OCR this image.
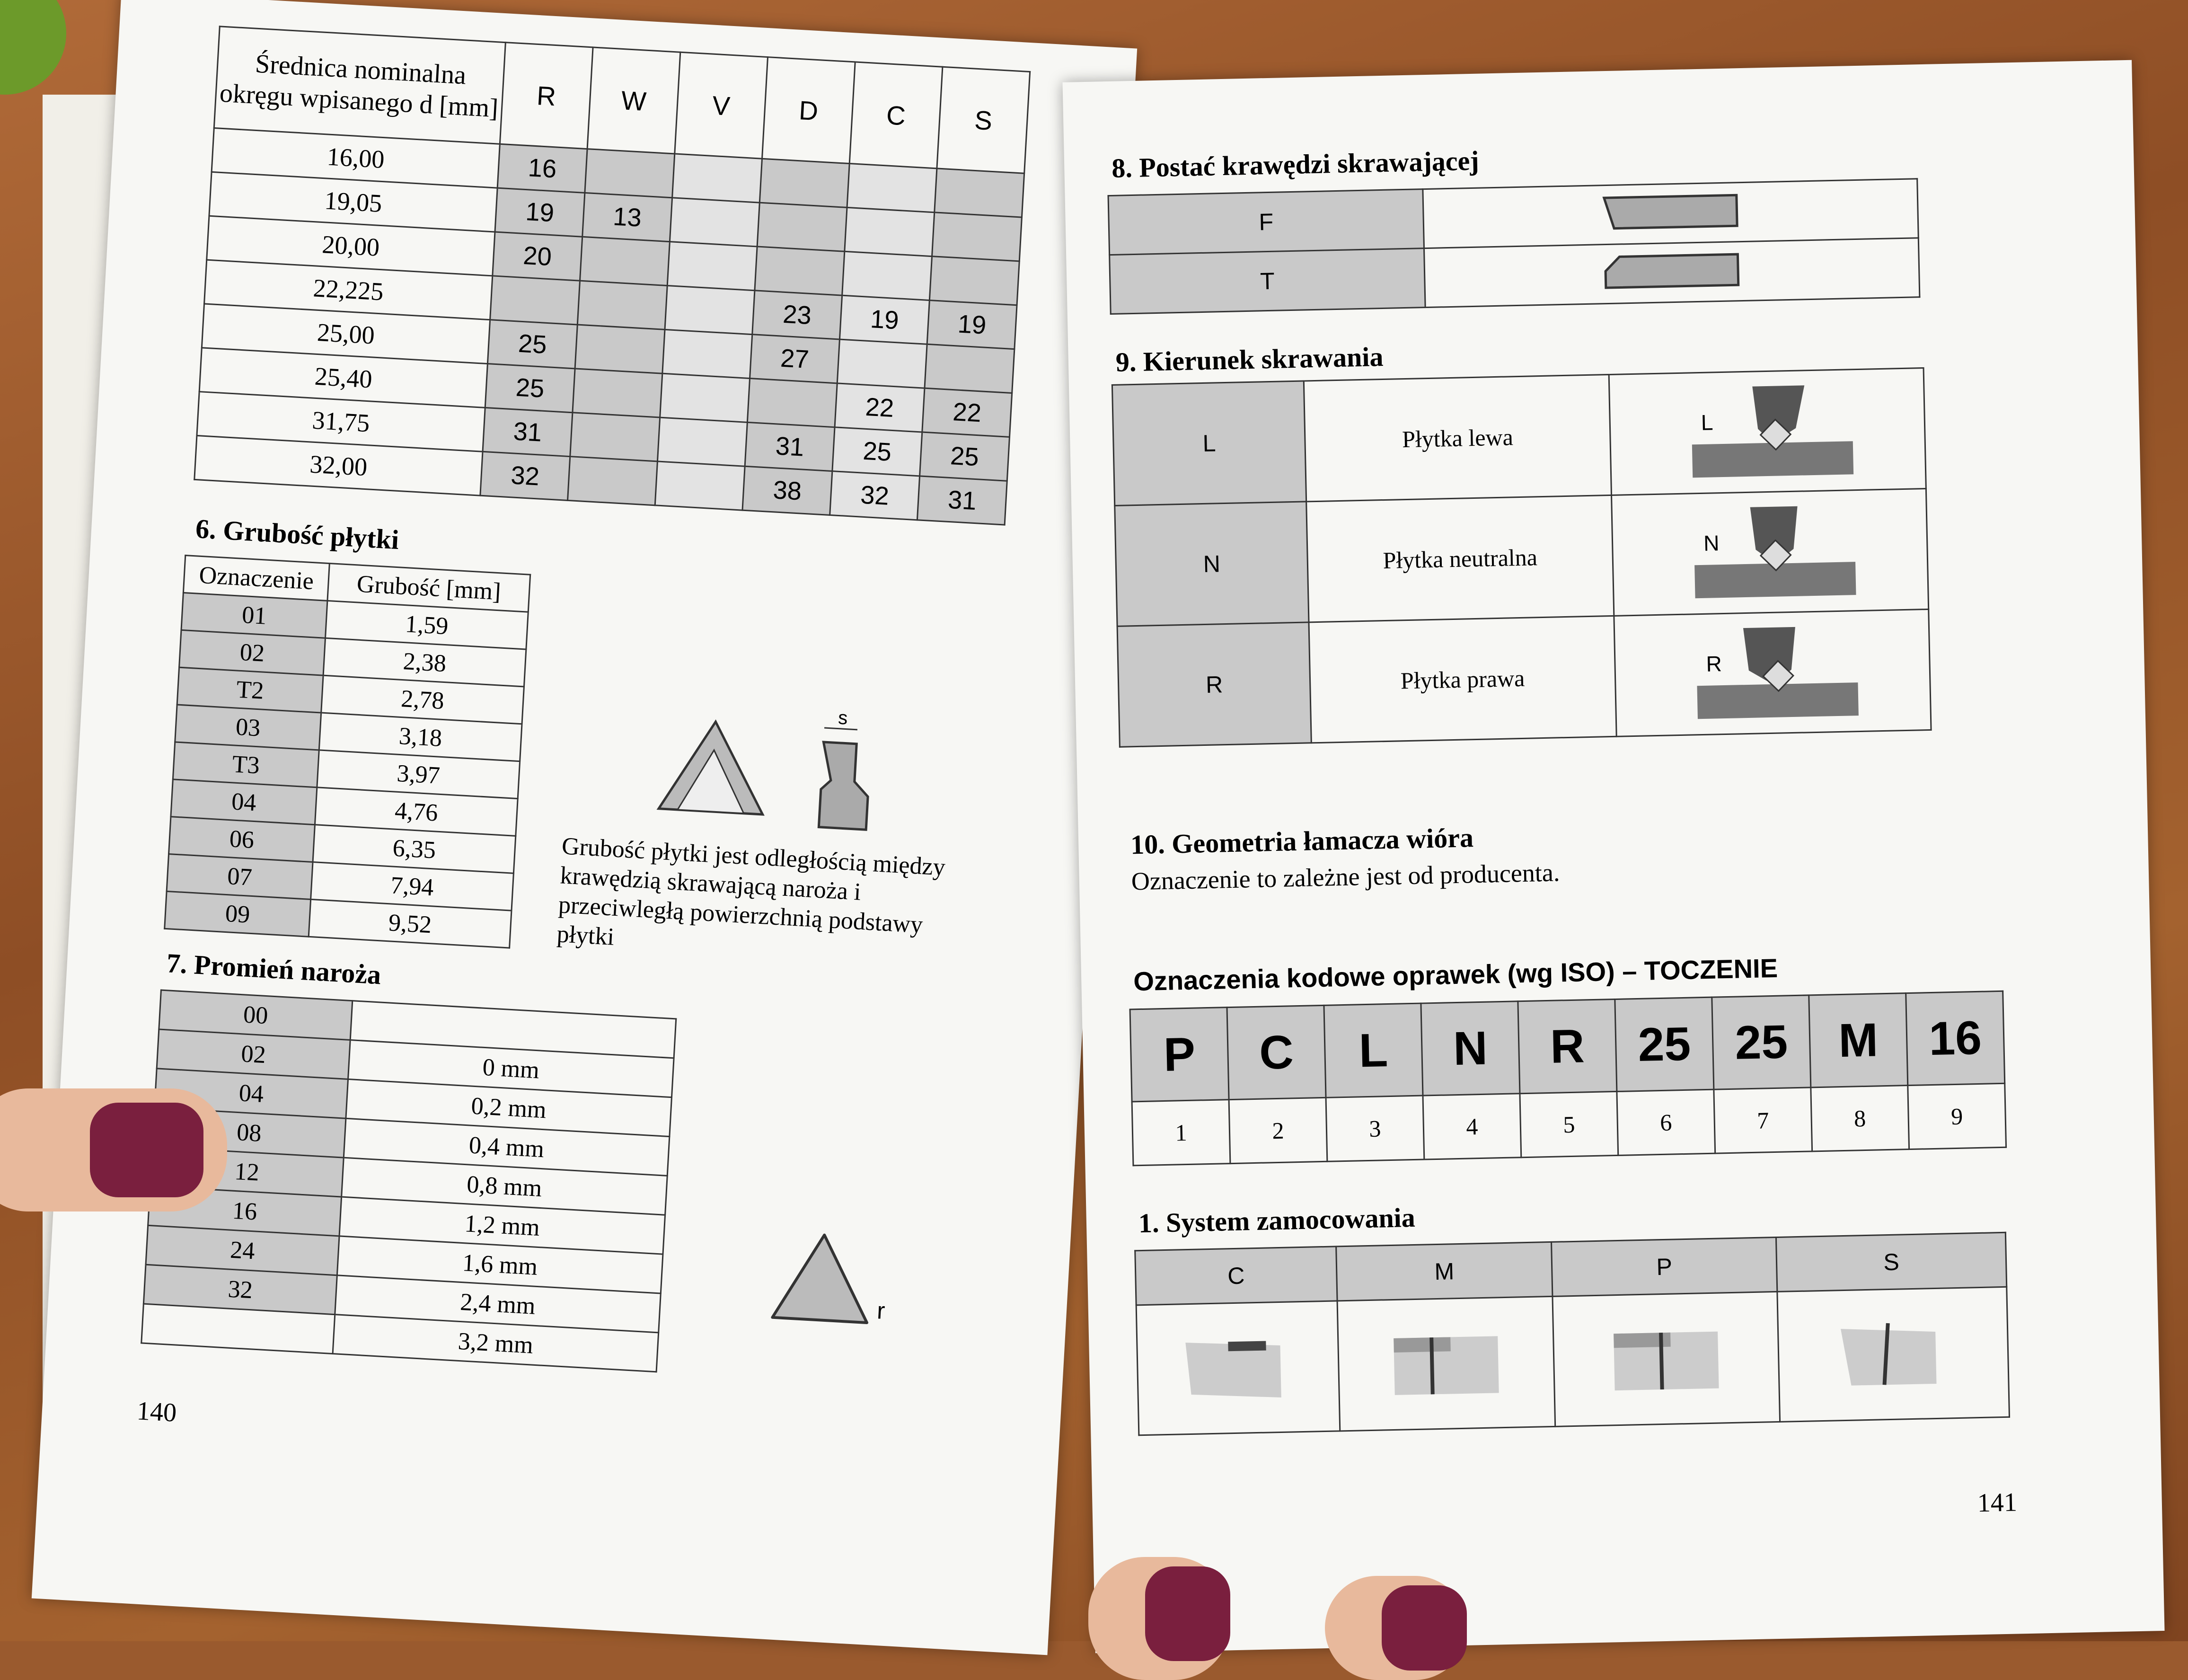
Średnica nominalna okręgu wpisanego d [mm]	R	W	V	D	C	S
16,00	16					
19,05	19	13				
20,00	20					
22,225				23	19	19
25,00	25			27		
25,40	25				22	22
31,75	31			31	25	25
32,00	32			38	32	31
6. Grubość płytki
Oznaczenie	Grubość [mm]
01	1,59
02	2,38
T2	2,78
03	3,18
T3	3,97
04	4,76
06	6,35
07	7,94
09	9,52
s
Grubość płytki jest odległością między krawędzią skrawającą naroża i przeciwległą powierzchnią podstawy płytki
7. Promień naroża
00	
02	0 mm
04	0,2 mm
08	0,4 mm
12	0,8 mm
16	1,2 mm
24	1,6 mm
32	2,4 mm
	3,2 mm
r
140
8. Postać krawędzi skrawającej
F	
T	
9. Kierunek skrawania
L	Płytka lewa	L

N	Płytka neutralna	N

R	Płytka prawa	R
10. Geometria łamacza wióra
Oznaczenie to zależne jest od producenta.
Oznaczenia kodowe oprawek (wg ISO) – TOCZENIE
P	C	L	N	R	25	25	M	16
1	2	3	4	5	6	7	8	9
1. System zamocowania
C	M	P	S

141
